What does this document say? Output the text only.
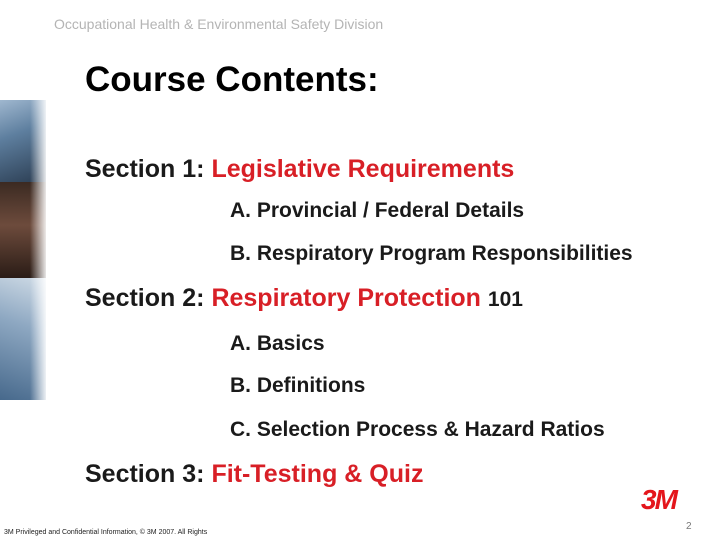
Occupational Health & Environmental Safety Division
Course Contents:
Section 1: Legislative Requirements
A. Provincial / Federal Details
B. Respiratory Program Responsibilities
Section 2: Respiratory Protection 101
A. Basics
B. Definitions
C. Selection Process & Hazard Ratios
Section 3: Fit-Testing & Quiz
3M
3M Privileged and Confidential Information, © 3M 2007. All Rights
2
